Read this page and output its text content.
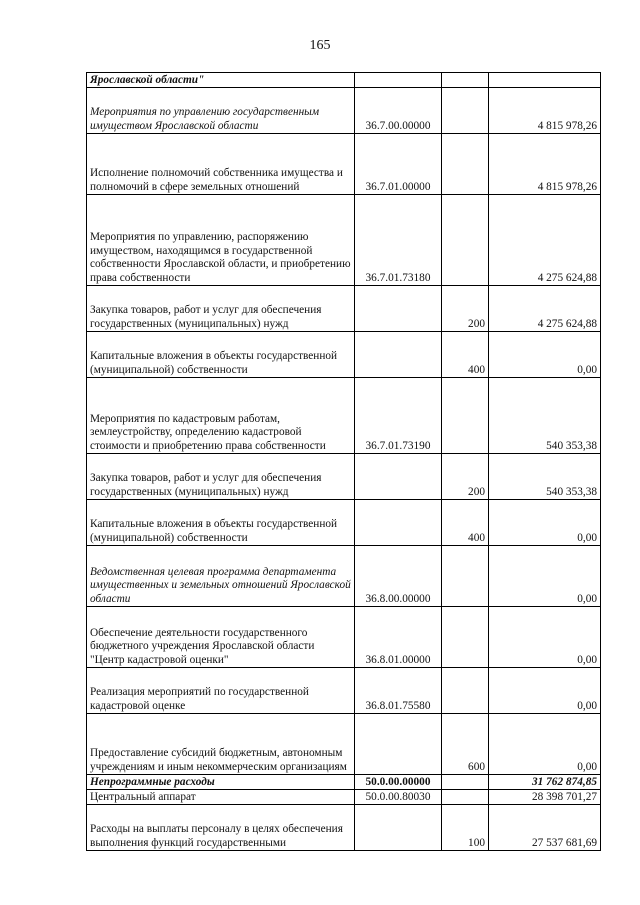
165
Ярославской области"			
Мероприятия по управлению государственным имуществом Ярославской области	36.7.00.00000		4 815 978,26
Исполнение полномочий собственника имущества и полномочий в сфере земельных отношений	36.7.01.00000		4 815 978,26
Мероприятия по управлению, распоряжению имуществом, находящимся в государственной собственности Ярославской области, и приобретению права собственности	36.7.01.73180		4 275 624,88
Закупка товаров, работ и услуг для обеспечения государственных (муниципальных) нужд		200	4 275 624,88
Капитальные вложения в объекты государственной (муниципальной) собственности		400	0,00
Мероприятия по кадастровым работам, землеустройству, определению кадастровой стоимости и приобретению права собственности	36.7.01.73190		540 353,38
Закупка товаров, работ и услуг для обеспечения государственных (муниципальных) нужд		200	540 353,38
Капитальные вложения в объекты государственной (муниципальной) собственности		400	0,00
Ведомственная целевая программа департамента имущественных и земельных отношений Ярославской области	36.8.00.00000		0,00
Обеспечение деятельности государственного бюджетного учреждения Ярославской области "Центр кадастровой оценки"	36.8.01.00000		0,00
Реализация мероприятий по государственной кадастровой оценке	36.8.01.75580		0,00
Предоставление субсидий бюджетным, автономным учреждениям и иным некоммерческим организациям		600	0,00
Непрограммные расходы	50.0.00.00000		31 762 874,85
Центральный аппарат	50.0.00.80030		28 398 701,27
Расходы на выплаты персоналу в целях обеспечения выполнения функций государственными		100	27 537 681,69
